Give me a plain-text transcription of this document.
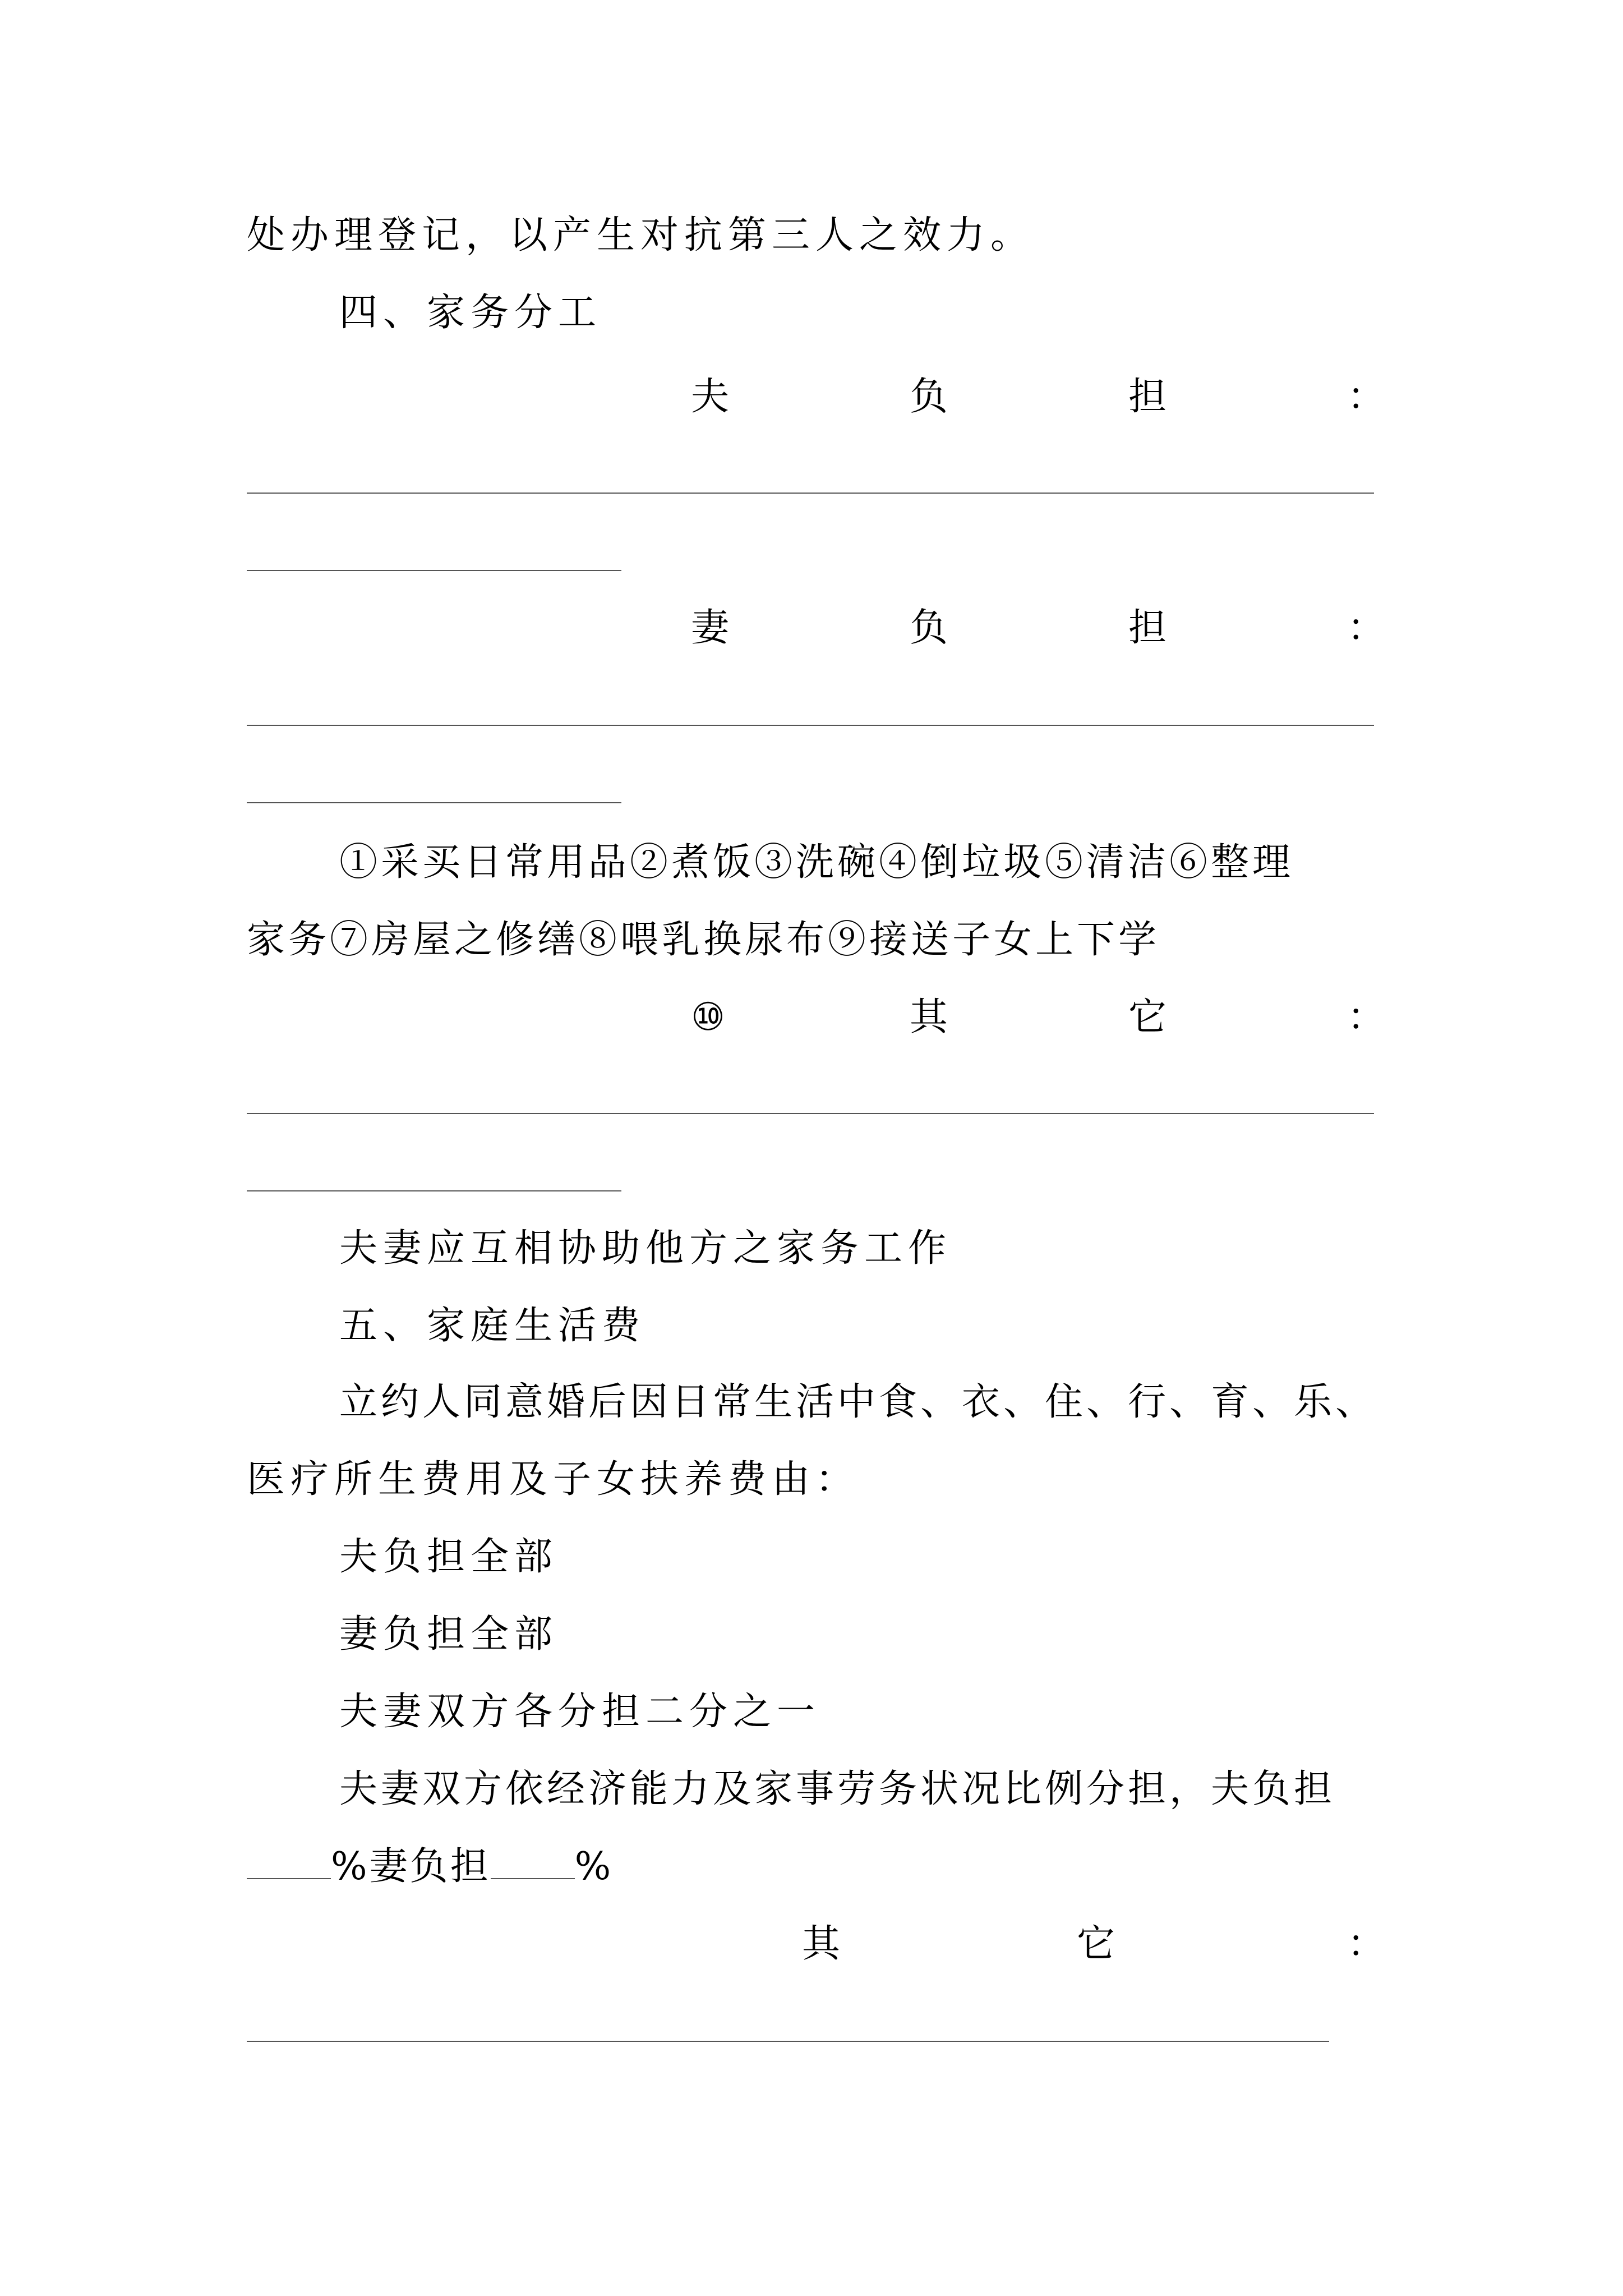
处办理登记，以产生对抗第三人之效力。
四、家务分工
夫	负	担	：
妻	负	担	：
①采买日常用品②煮饭③洗碗④倒垃圾⑤清洁⑥整理
家务⑦房屋之修缮⑧喂乳换尿布⑨接送子女上下学
⑩	其	它	：
夫妻应互相协助他方之家务工作
五、家庭生活费
立约人同意婚后因日常生活中食、衣、住、行、育、乐、
医疗所生费用及子女扶养费由：
夫负担全部
妻负担全部
夫妻双方各分担二分之一
夫妻双方依经济能力及家事劳务状况比例分担，夫负担
%妻负担 %
其	它	：
